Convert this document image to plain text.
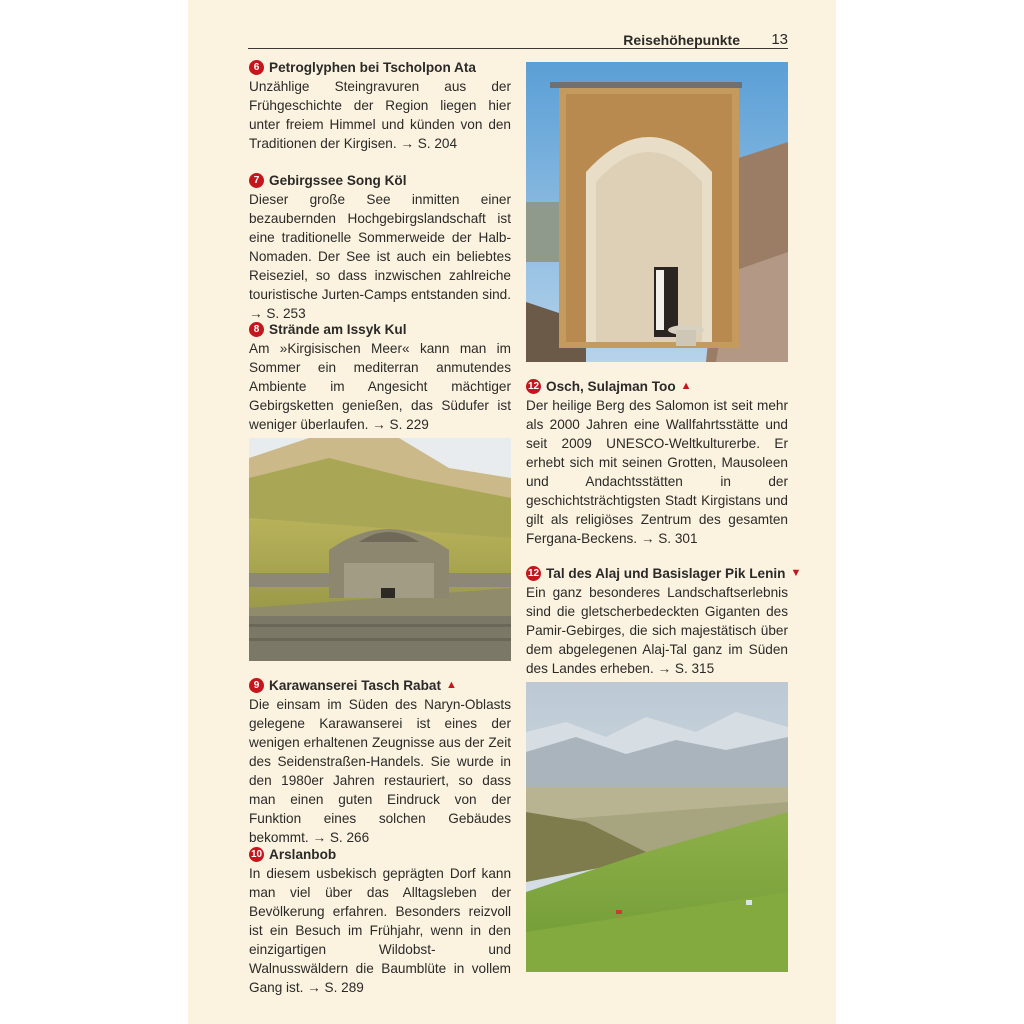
Reisehöhepunkte 13
6 Petroglyphen bei Tscholpon Ata
Unzählige Steingravuren aus der Frühgeschichte der Region liegen hier unter freiem Himmel und künden von den Traditionen der Kirgisen. → S. 204
7 Gebirgssee Song Köl
Dieser große See inmitten einer bezaubernden Hochgebirgslandschaft ist eine traditionelle Sommerweide der Halb-Nomaden. Der See ist auch ein beliebtes Reiseziel, so dass inzwischen zahlreiche touristische Jurten-Camps entstanden sind. → S. 253
8 Strände am Issyk Kul
Am »Kirgisischen Meer« kann man im Sommer ein mediterran anmutendes Ambiente im Angesicht mächtiger Gebirgsketten genießen, das Südufer ist weniger überlaufen. → S. 229
9 Karawanserei Tasch Rabat ▲
Die einsam im Süden des Naryn-Oblasts gelegene Karawanserei ist eines der wenigen erhaltenen Zeugnisse aus der Zeit des Seidenstraßen-Handels. Sie wurde in den 1980er Jahren restauriert, so dass man einen guten Eindruck von der Funktion eines solchen Gebäudes bekommt. → S. 266
10 Arslanbob
In diesem usbekisch geprägten Dorf kann man viel über das Alltagsleben der Bevölkerung erfahren. Besonders reizvoll ist ein Besuch im Frühjahr, wenn in den einzigartigen Wildobst- und Walnusswäldern die Baumblüte in vollem Gang ist. → S. 289
12 Osch, Sulajman Too ▲
Der heilige Berg des Salomon ist seit mehr als 2000 Jahren eine Wallfahrtsstätte und seit 2009 UNESCO-Weltkulturerbe. Er erhebt sich mit seinen Grotten, Mausoleen und Andachtsstätten in der geschichtsträchtigsten Stadt Kirgistans und gilt als religiöses Zentrum des gesamten Fergana-Beckens. → S. 301
12 Tal des Alaj und Basislager Pik Lenin ▼
Ein ganz besonderes Landschaftserlebnis sind die gletscherbedeckten Giganten des Pamir-Gebirges, die sich majestätisch über dem abgelegenen Alaj-Tal ganz im Süden des Landes erheben. → S. 315
